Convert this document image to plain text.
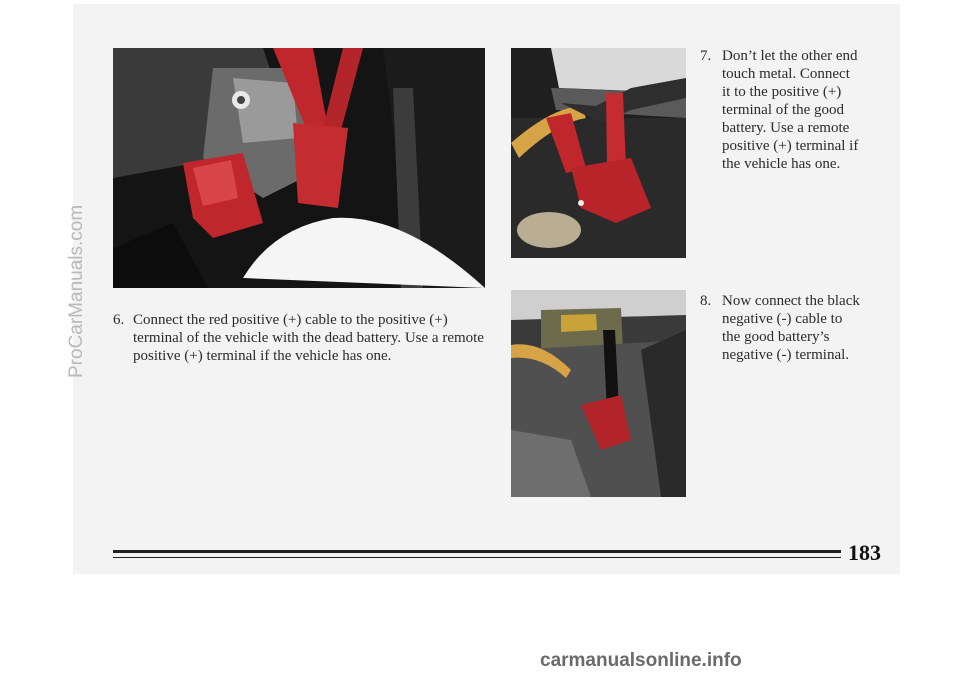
6. Connect the red positive (+) cable to the positive (+) terminal of the vehicle with the dead battery. Use a remote positive (+) terminal if the vehicle has one.
7. Don’t let the other end touch metal. Connect it to the positive (+) terminal of the good battery. Use a remote positive (+) terminal if the vehicle has one.
8. Now connect the black negative (-) cable to the good battery’s negative (-) terminal.
183
ProCarManuals.com
carmanualsonline.info
